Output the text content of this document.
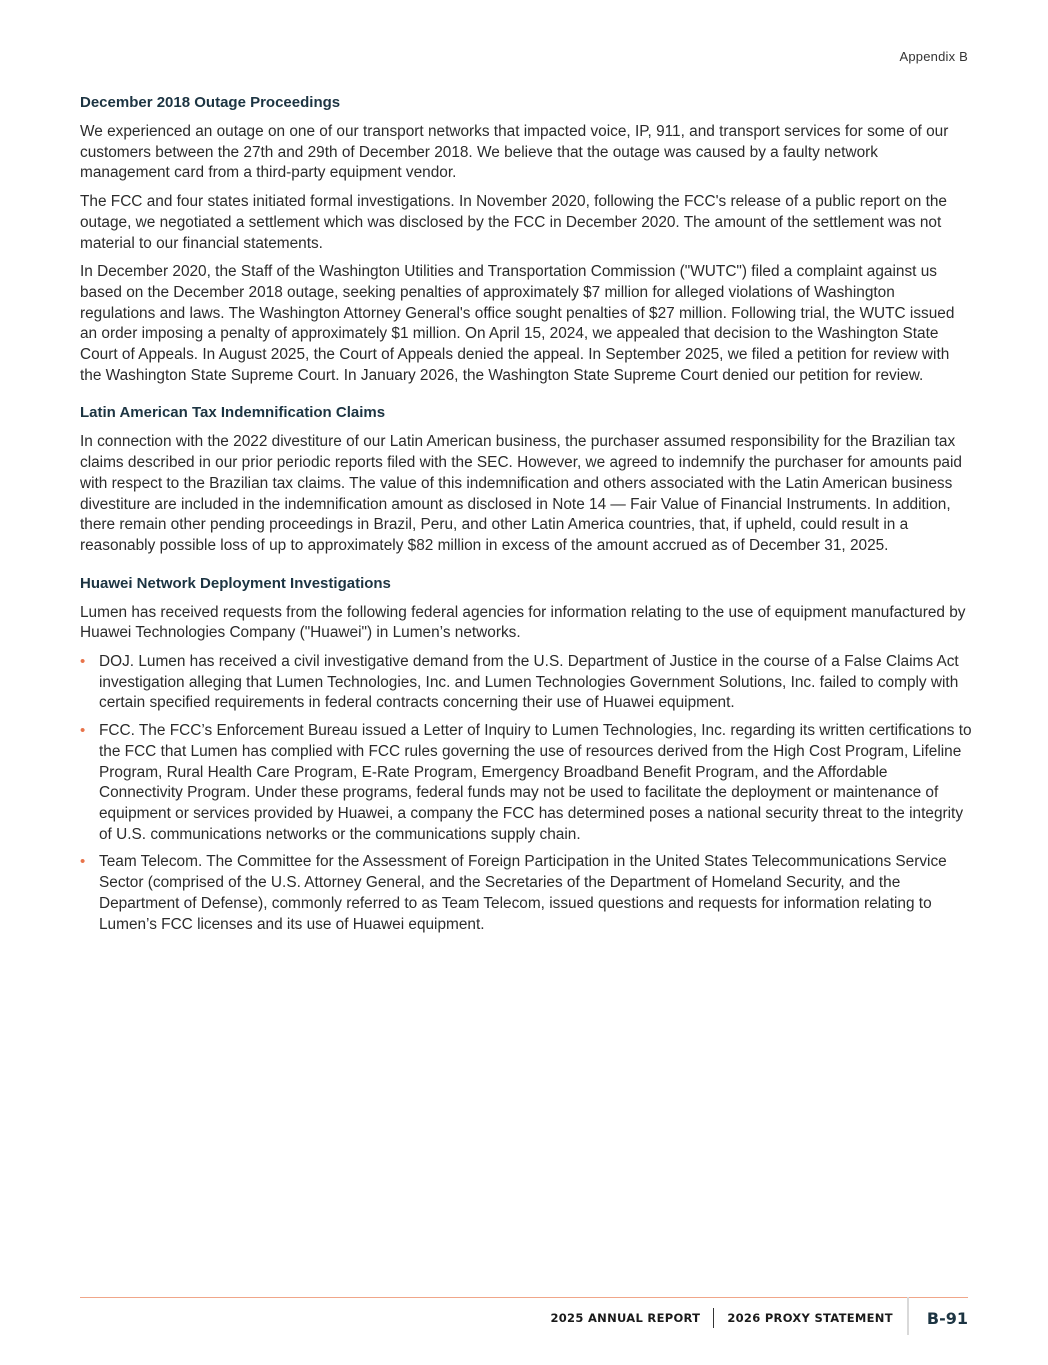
Appendix B
December 2018 Outage Proceedings

We experienced an outage on one of our transport networks that impacted voice, IP, 911, and transport services for some of our customers between the 27th and 29th of December 2018. We believe that the outage was caused by a faulty network management card from a third-party equipment vendor.

The FCC and four states initiated formal investigations. In November 2020, following the FCC's release of a public report on the outage, we negotiated a settlement which was disclosed by the FCC in December 2020. The amount of the settlement was not material to our financial statements.

In December 2020, the Staff of the Washington Utilities and Transportation Commission ("WUTC") filed a complaint against us based on the December 2018 outage, seeking penalties of approximately $7 million for alleged violations of Washington regulations and laws. The Washington Attorney General's office sought penalties of $27 million. Following trial, the WUTC issued an order imposing a penalty of approximately $1 million. On April 15, 2024, we appealed that decision to the Washington State Court of Appeals. In August 2025, the Court of Appeals denied the appeal. In September 2025, we filed a petition for review with the Washington State Supreme Court. In January 2026, the Washington State Supreme Court denied our petition for review.

Latin American Tax Indemnification Claims

In connection with the 2022 divestiture of our Latin American business, the purchaser assumed responsibility for the Brazilian tax claims described in our prior periodic reports filed with the SEC. However, we agreed to indemnify the purchaser for amounts paid with respect to the Brazilian tax claims. The value of this indemnification and others associated with the Latin American business divestiture are included in the indemnification amount as disclosed in Note 14 — Fair Value of Financial Instruments. In addition, there remain other pending proceedings in Brazil, Peru, and other Latin America countries, that, if upheld, could result in a reasonably possible loss of up to approximately $82 million in excess of the amount accrued as of December 31, 2025.

Huawei Network Deployment Investigations

Lumen has received requests from the following federal agencies for information relating to the use of equipment manufactured by Huawei Technologies Company ("Huawei") in Lumen’s networks.

• DOJ. Lumen has received a civil investigative demand from the U.S. Department of Justice in the course of a False Claims Act investigation alleging that Lumen Technologies, Inc. and Lumen Technologies Government Solutions, Inc. failed to comply with certain specified requirements in federal contracts concerning their use of Huawei equipment.
• FCC. The FCC’s Enforcement Bureau issued a Letter of Inquiry to Lumen Technologies, Inc. regarding its written certifications to the FCC that Lumen has complied with FCC rules governing the use of resources derived from the High Cost Program, Lifeline Program, Rural Health Care Program, E-Rate Program, Emergency Broadband Benefit Program, and the Affordable Connectivity Program. Under these programs, federal funds may not be used to facilitate the deployment or maintenance of equipment or services provided by Huawei, a company the FCC has determined poses a national security threat to the integrity of U.S. communications networks or the communications supply chain.
• Team Telecom. The Committee for the Assessment of Foreign Participation in the United States Telecommunications Service Sector (comprised of the U.S. Attorney General, and the Secretaries of the Department of Homeland Security, and the Department of Defense), commonly referred to as Team Telecom, issued questions and requests for information relating to Lumen’s FCC licenses and its use of Huawei equipment.
2025 ANNUAL REPORT 2026 PROXY STATEMENT B-91
